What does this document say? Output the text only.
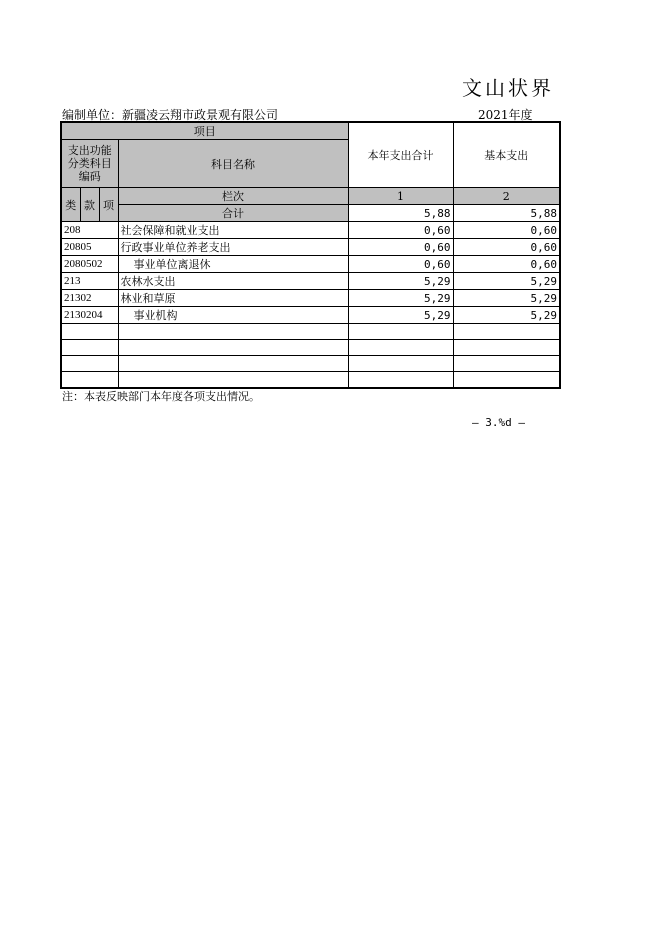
文山状界
编制单位：新疆凌云翔市政景观有限公司	2021年度
项目				本年支出合计	基本支出
支出功能分类科目编码			科目名称		

类	款	项	栏次	1	2
			合计	5,88	5,88
208			社会保障和就业支出	0,60	0,60
20805			行政事业单位养老支出	0,60	0,60
2080502			事业单位离退休	0,60	0,60
213			农林水支出	5,29	5,29
21302			林业和草原	5,29	5,29
2130204			事业机构	5,29	5,29

注：本表反映部门本年度各项支出情况。
— 3.%d —
